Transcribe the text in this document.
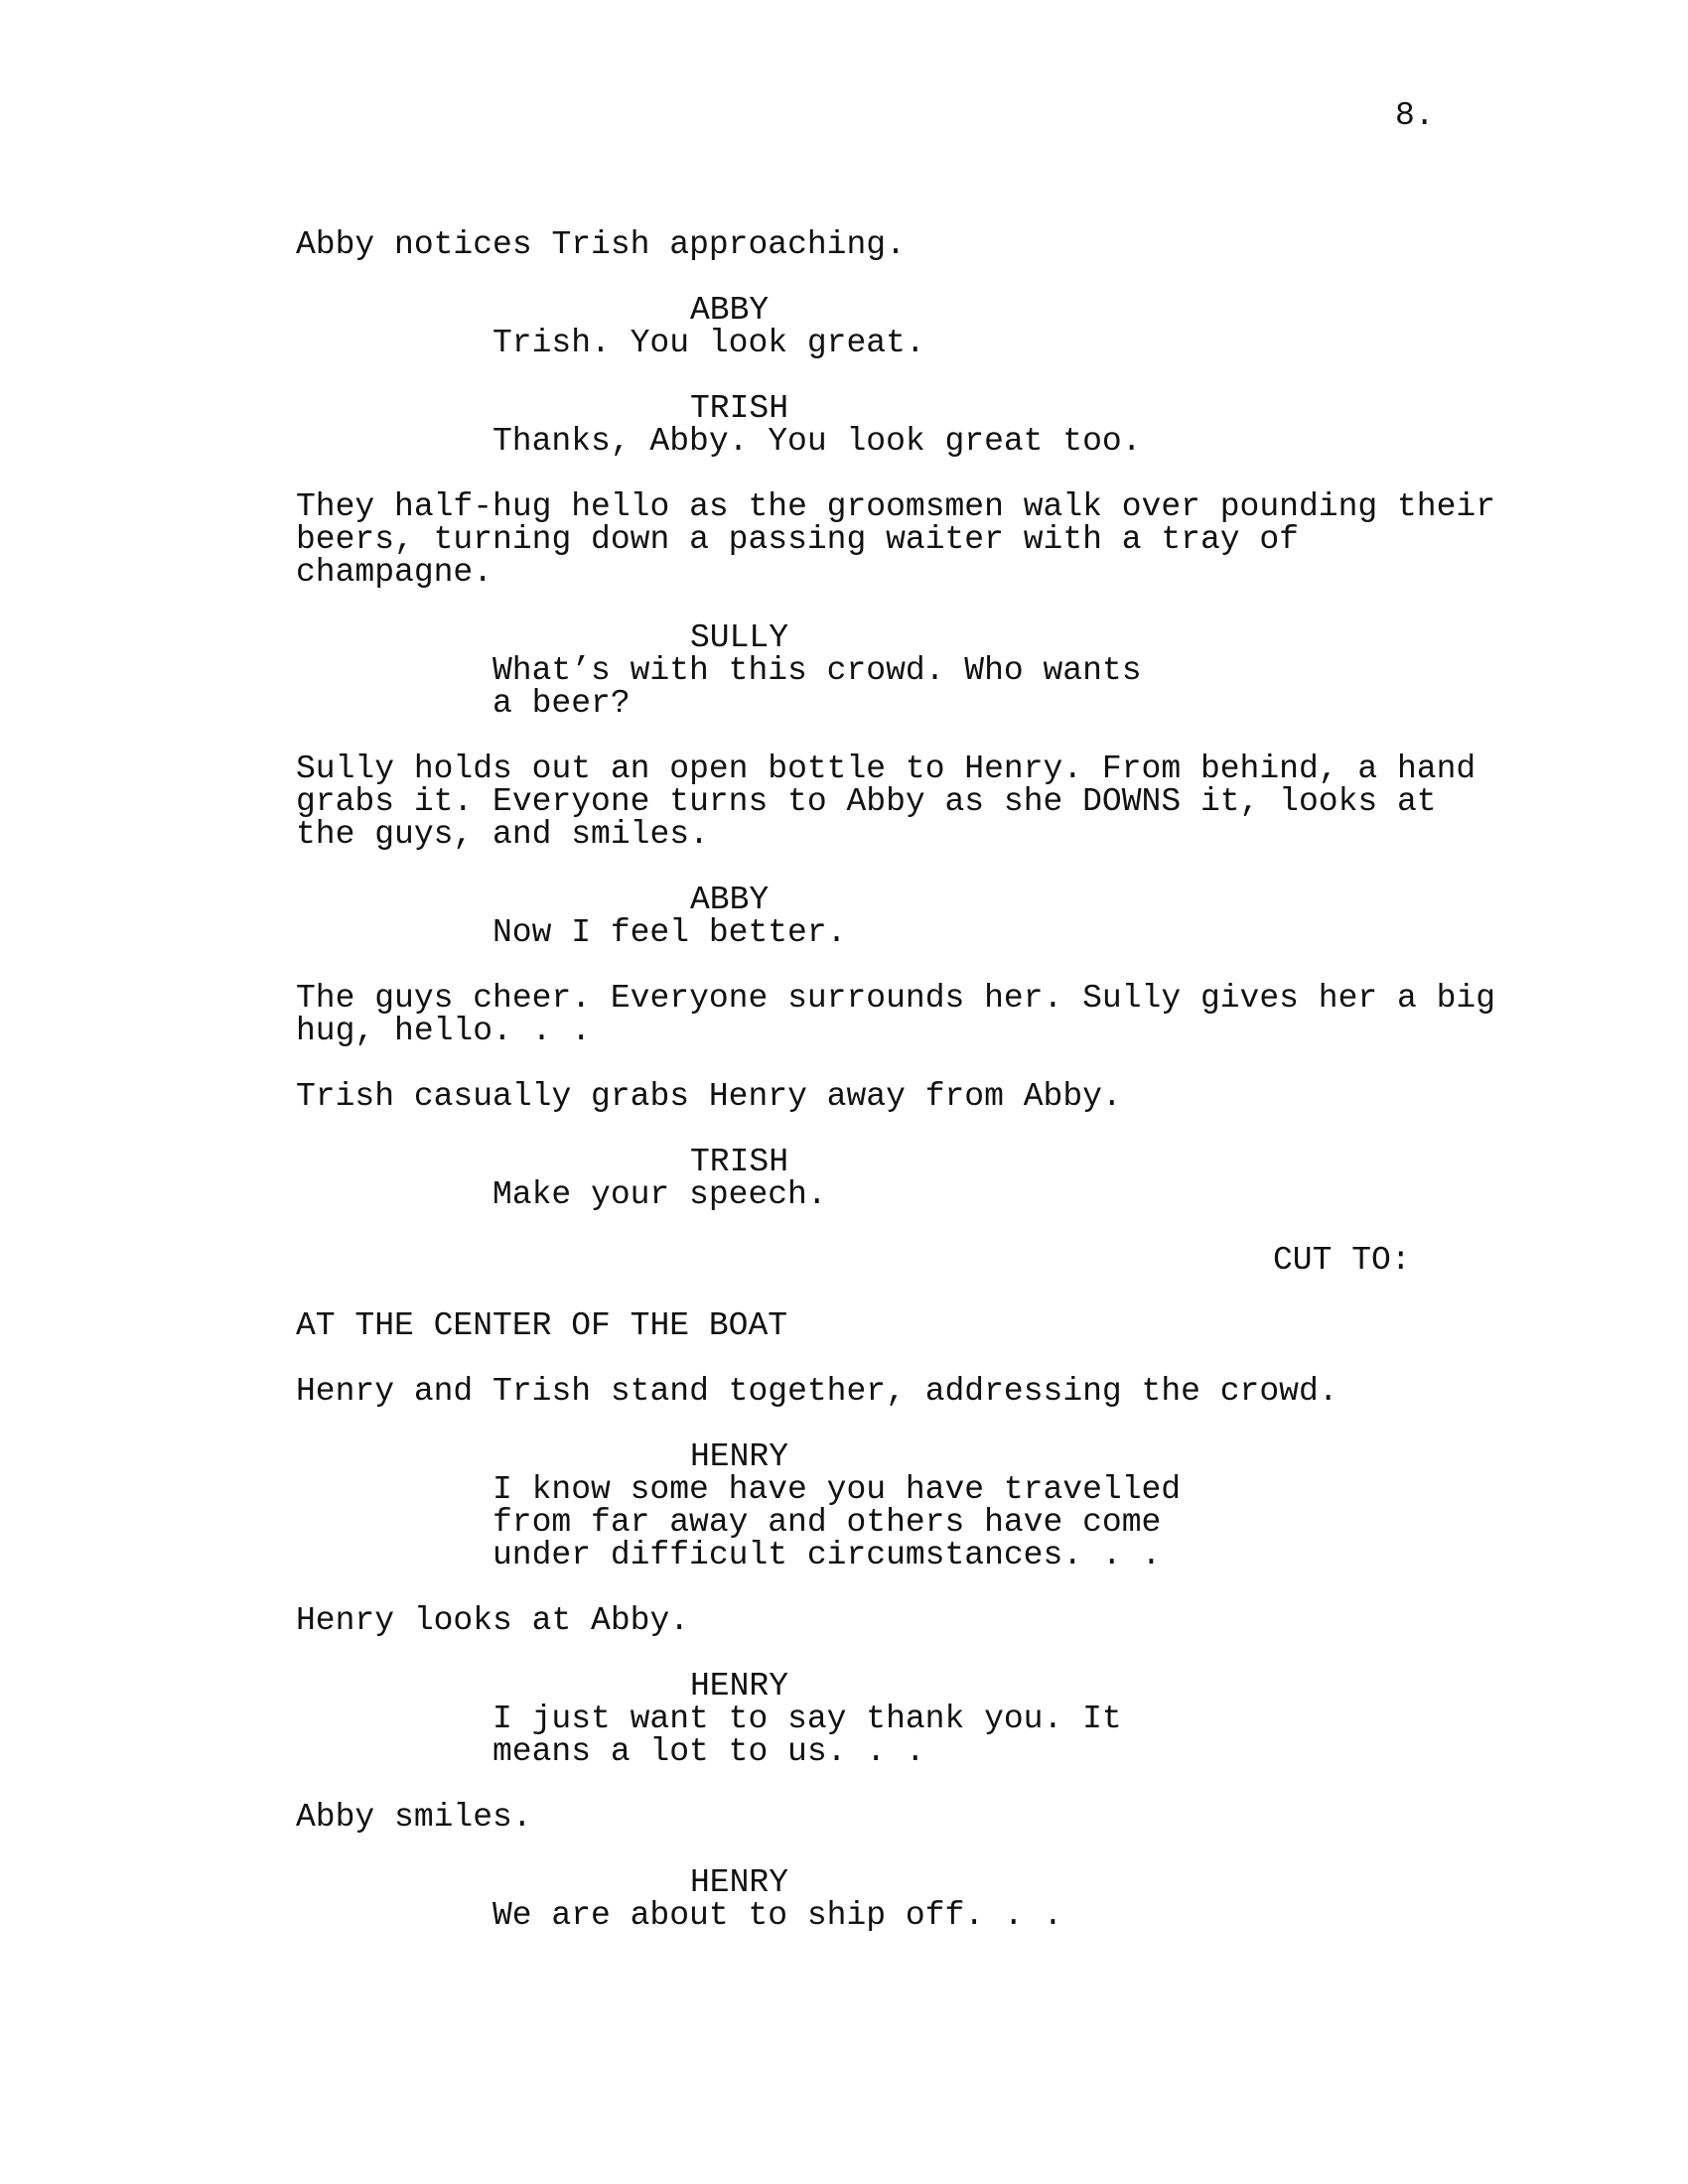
8.
Abby notices Trish approaching.
ABBY
Trish. You look great.
TRISH
Thanks, Abby. You look great too.
They half-hug hello as the groomsmen walk over pounding their
beers, turning down a passing waiter with a tray of
champagne.
SULLY
What’s with this crowd. Who wants
a beer?
Sully holds out an open bottle to Henry. From behind, a hand
grabs it. Everyone turns to Abby as she DOWNS it, looks at
the guys, and smiles.
ABBY
Now I feel better.
The guys cheer. Everyone surrounds her. Sully gives her a big
hug, hello. . .
Trish casually grabs Henry away from Abby.
TRISH
Make your speech.
CUT TO:
AT THE CENTER OF THE BOAT
Henry and Trish stand together, addressing the crowd.
HENRY
I know some have you have travelled
from far away and others have come
under difficult circumstances. . .
Henry looks at Abby.
HENRY
I just want to say thank you. It
means a lot to us. . .
Abby smiles.
HENRY
We are about to ship off. . .
